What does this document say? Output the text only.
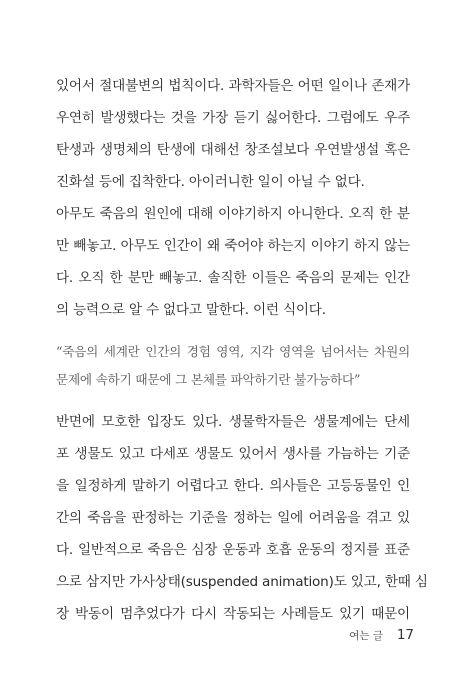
있어서 절대불변의 법칙이다. 과학자들은 어떤 일이나 존재가
우연히 발생했다는 것을 가장 듣기 싫어한다. 그럼에도 우주
탄생과 생명체의 탄생에 대해선 창조설보다 우연발생설 혹은
진화설 등에 집착한다. 아이러니한 일이 아닐 수 없다.
아무도 죽음의 원인에 대해 이야기하지 아니한다. 오직 한 분
만 빼놓고. 아무도 인간이 왜 죽어야 하는지 이야기 하지 않는
다. 오직 한 분만 빼놓고. 솔직한 이들은 죽음의 문제는 인간
의 능력으로 알 수 없다고 말한다. 이런 식이다.
“죽음의 세계란 인간의 경험 영역, 지각 영역을 넘어서는 차원의
문제에 속하기 때문에 그 본체를 파악하기란 불가능하다”
반면에 모호한 입장도 있다. 생물학자들은 생물계에는 단세
포 생물도 있고 다세포 생물도 있어서 생사를 가늠하는 기준
을 일정하게 말하기 어렵다고 한다. 의사들은 고등동물인 인
간의 죽음을 판정하는 기준을 정하는 일에 어려움을 겪고 있
다. 일반적으로 죽음은 심장 운동과 호흡 운동의 정지를 표준
으로 삼지만 가사상태(suspended animation)도 있고, 한때 심
장 박동이 멈추었다가 다시 작동되는 사례들도 있기 때문이
여는 글 17
